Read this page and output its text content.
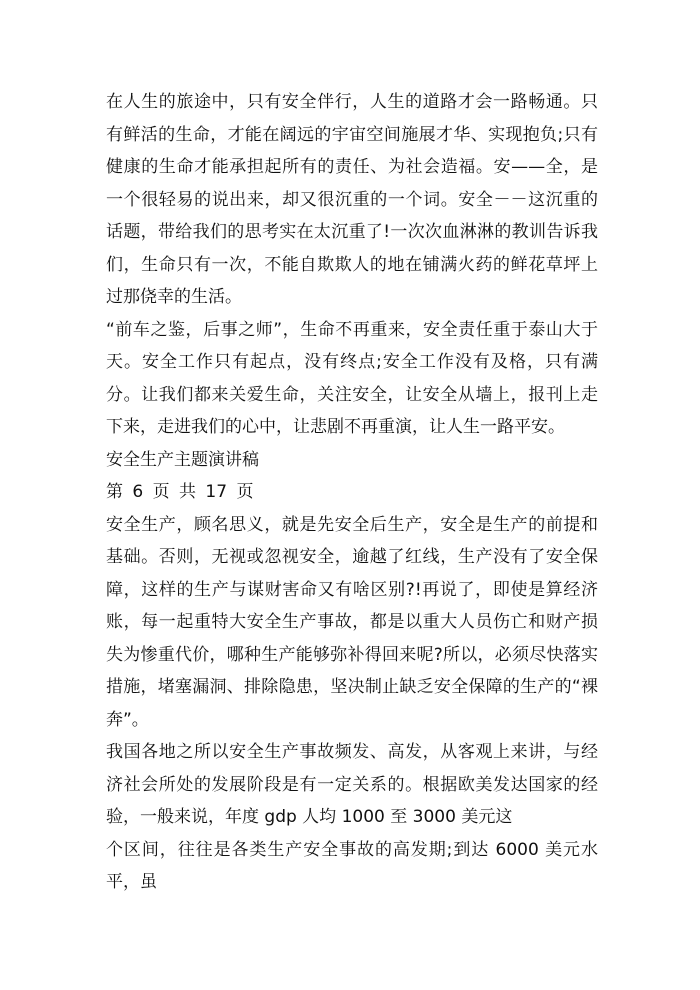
在人生的旅途中，只有安全伴行，人生的道路才会一路畅通。只有鲜活的生命，才能在阔远的宇宙空间施展才华、实现抱负;只有健康的生命才能承担起所有的责任、为社会造福。安——全，是一个很轻易的说出来，却又很沉重的一个词。安全－－这沉重的话题，带给我们的思考实在太沉重了!一次次血淋淋的教训告诉我们，生命只有一次，不能自欺欺人的地在铺满火药的鲜花草坪上过那侥幸的生活。

“前车之鉴，后事之师”，生命不再重来，安全责任重于泰山大于天。安全工作只有起点，没有终点;安全工作没有及格，只有满分。让我们都来关爱生命，关注安全，让安全从墙上，报刊上走下来，走进我们的心中，让悲剧不再重演，让人生一路平安。

安全生产主题演讲稿

第 6 页 共 17 页

安全生产，顾名思义，就是先安全后生产，安全是生产的前提和基础。否则，无视或忽视安全，逾越了红线，生产没有了安全保障，这样的生产与谋财害命又有啥区别?!再说了，即使是算经济账，每一起重特大安全生产事故，都是以重大人员伤亡和财产损失为惨重代价，哪种生产能够弥补得回来呢?所以，必须尽快落实措施，堵塞漏洞、排除隐患，坚决制止缺乏安全保障的生产的“裸奔”。

我国各地之所以安全生产事故频发、高发，从客观上来讲，与经济社会所处的发展阶段是有一定关系的。根据欧美发达国家的经验，一般来说，年度 gdp 人均 1000 至 3000 美元这

个区间，往往是各类生产安全事故的高发期;到达 6000 美元水平，虽
